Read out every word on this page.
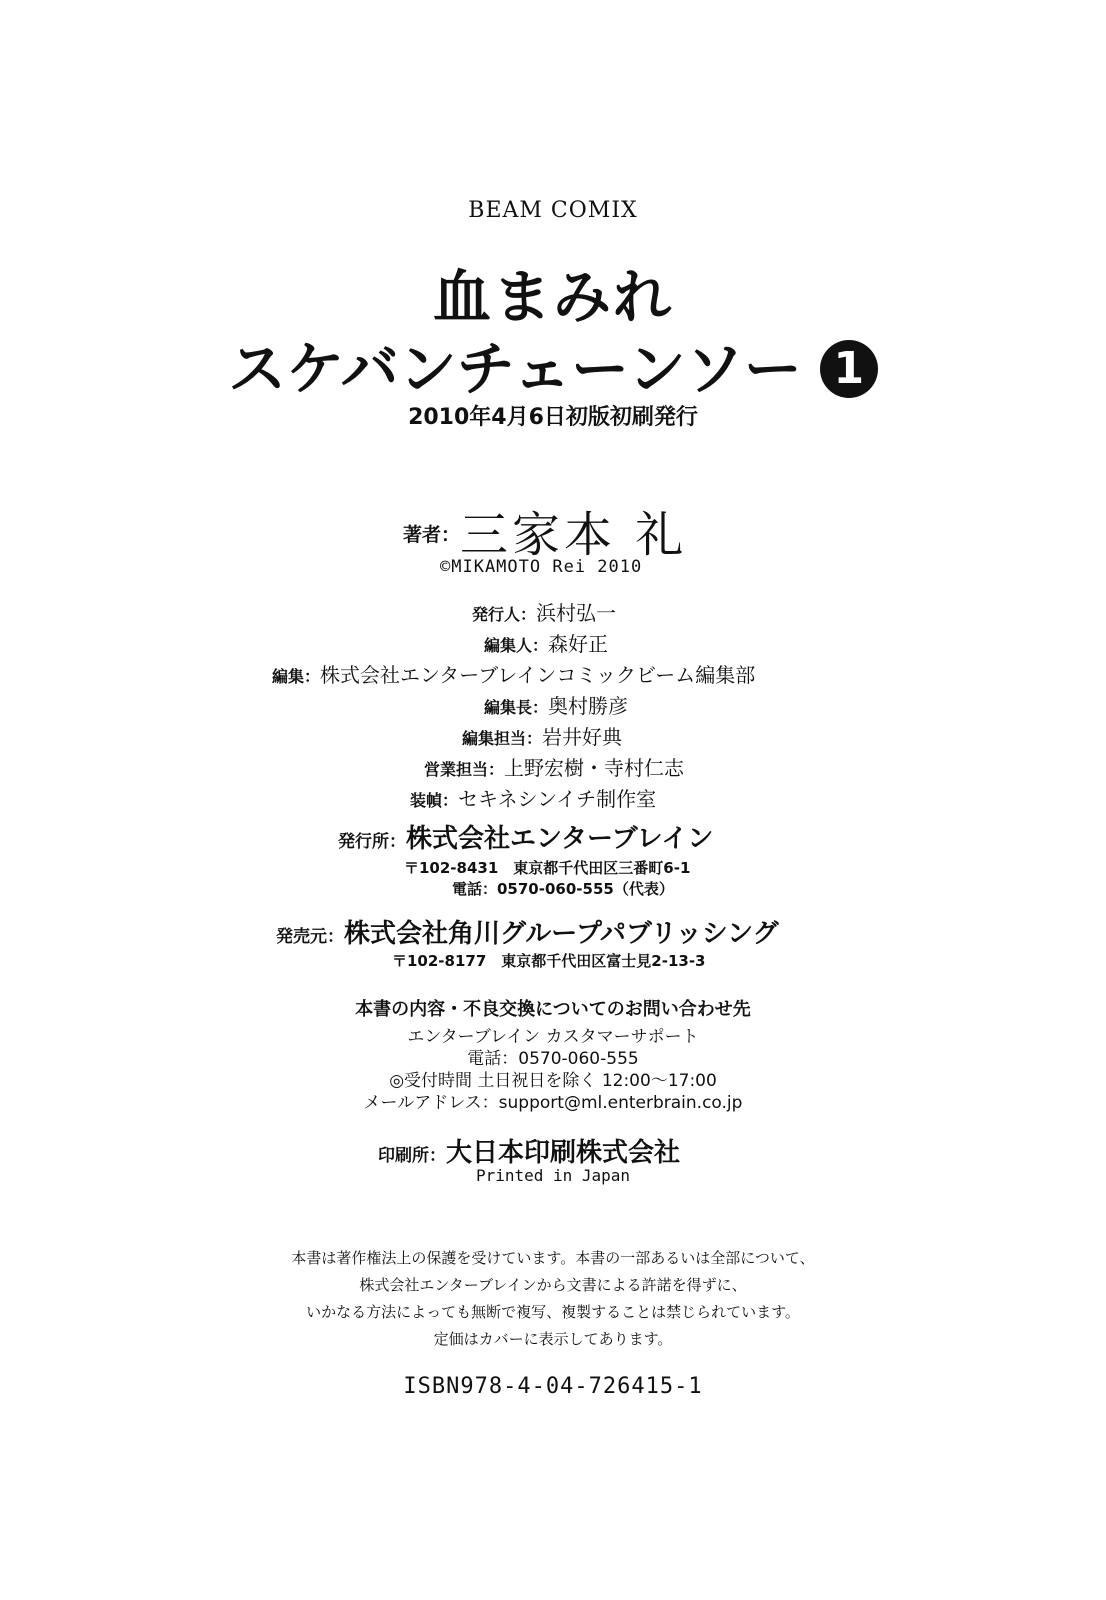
BEAM COMIX
血まみれ
スケバンチェーンソー 1
2010年4月6日初版初刷発行
著者：三家本 礼
©MIKAMOTO Rei 2010
発行人：浜村弘一
編集人：森好正
編集：株式会社エンターブレインコミックビーム編集部
編集長：奥村勝彦
編集担当：岩井好典
営業担当：上野宏樹・寺村仁志
装幀：セキネシンイチ制作室
発行所：株式会社エンターブレイン
〒102-8431　東京都千代田区三番町6-1
電話：0570-060-555（代表）
発売元：株式会社角川グループパブリッシング
〒102-8177　東京都千代田区富士見2-13-3
本書の内容・不良交換についてのお問い合わせ先
エンターブレイン カスタマーサポート
電話：0570-060-555
◎受付時間 土日祝日を除く 12:00～17:00
メールアドレス：support@ml.enterbrain.co.jp
印刷所：大日本印刷株式会社
Printed in Japan
本書は著作権法上の保護を受けています。本書の一部あるいは全部について、
株式会社エンターブレインから文書による許諾を得ずに、
いかなる方法によっても無断で複写、複製することは禁じられています。
定価はカバーに表示してあります。
ISBN978-4-04-726415-1
